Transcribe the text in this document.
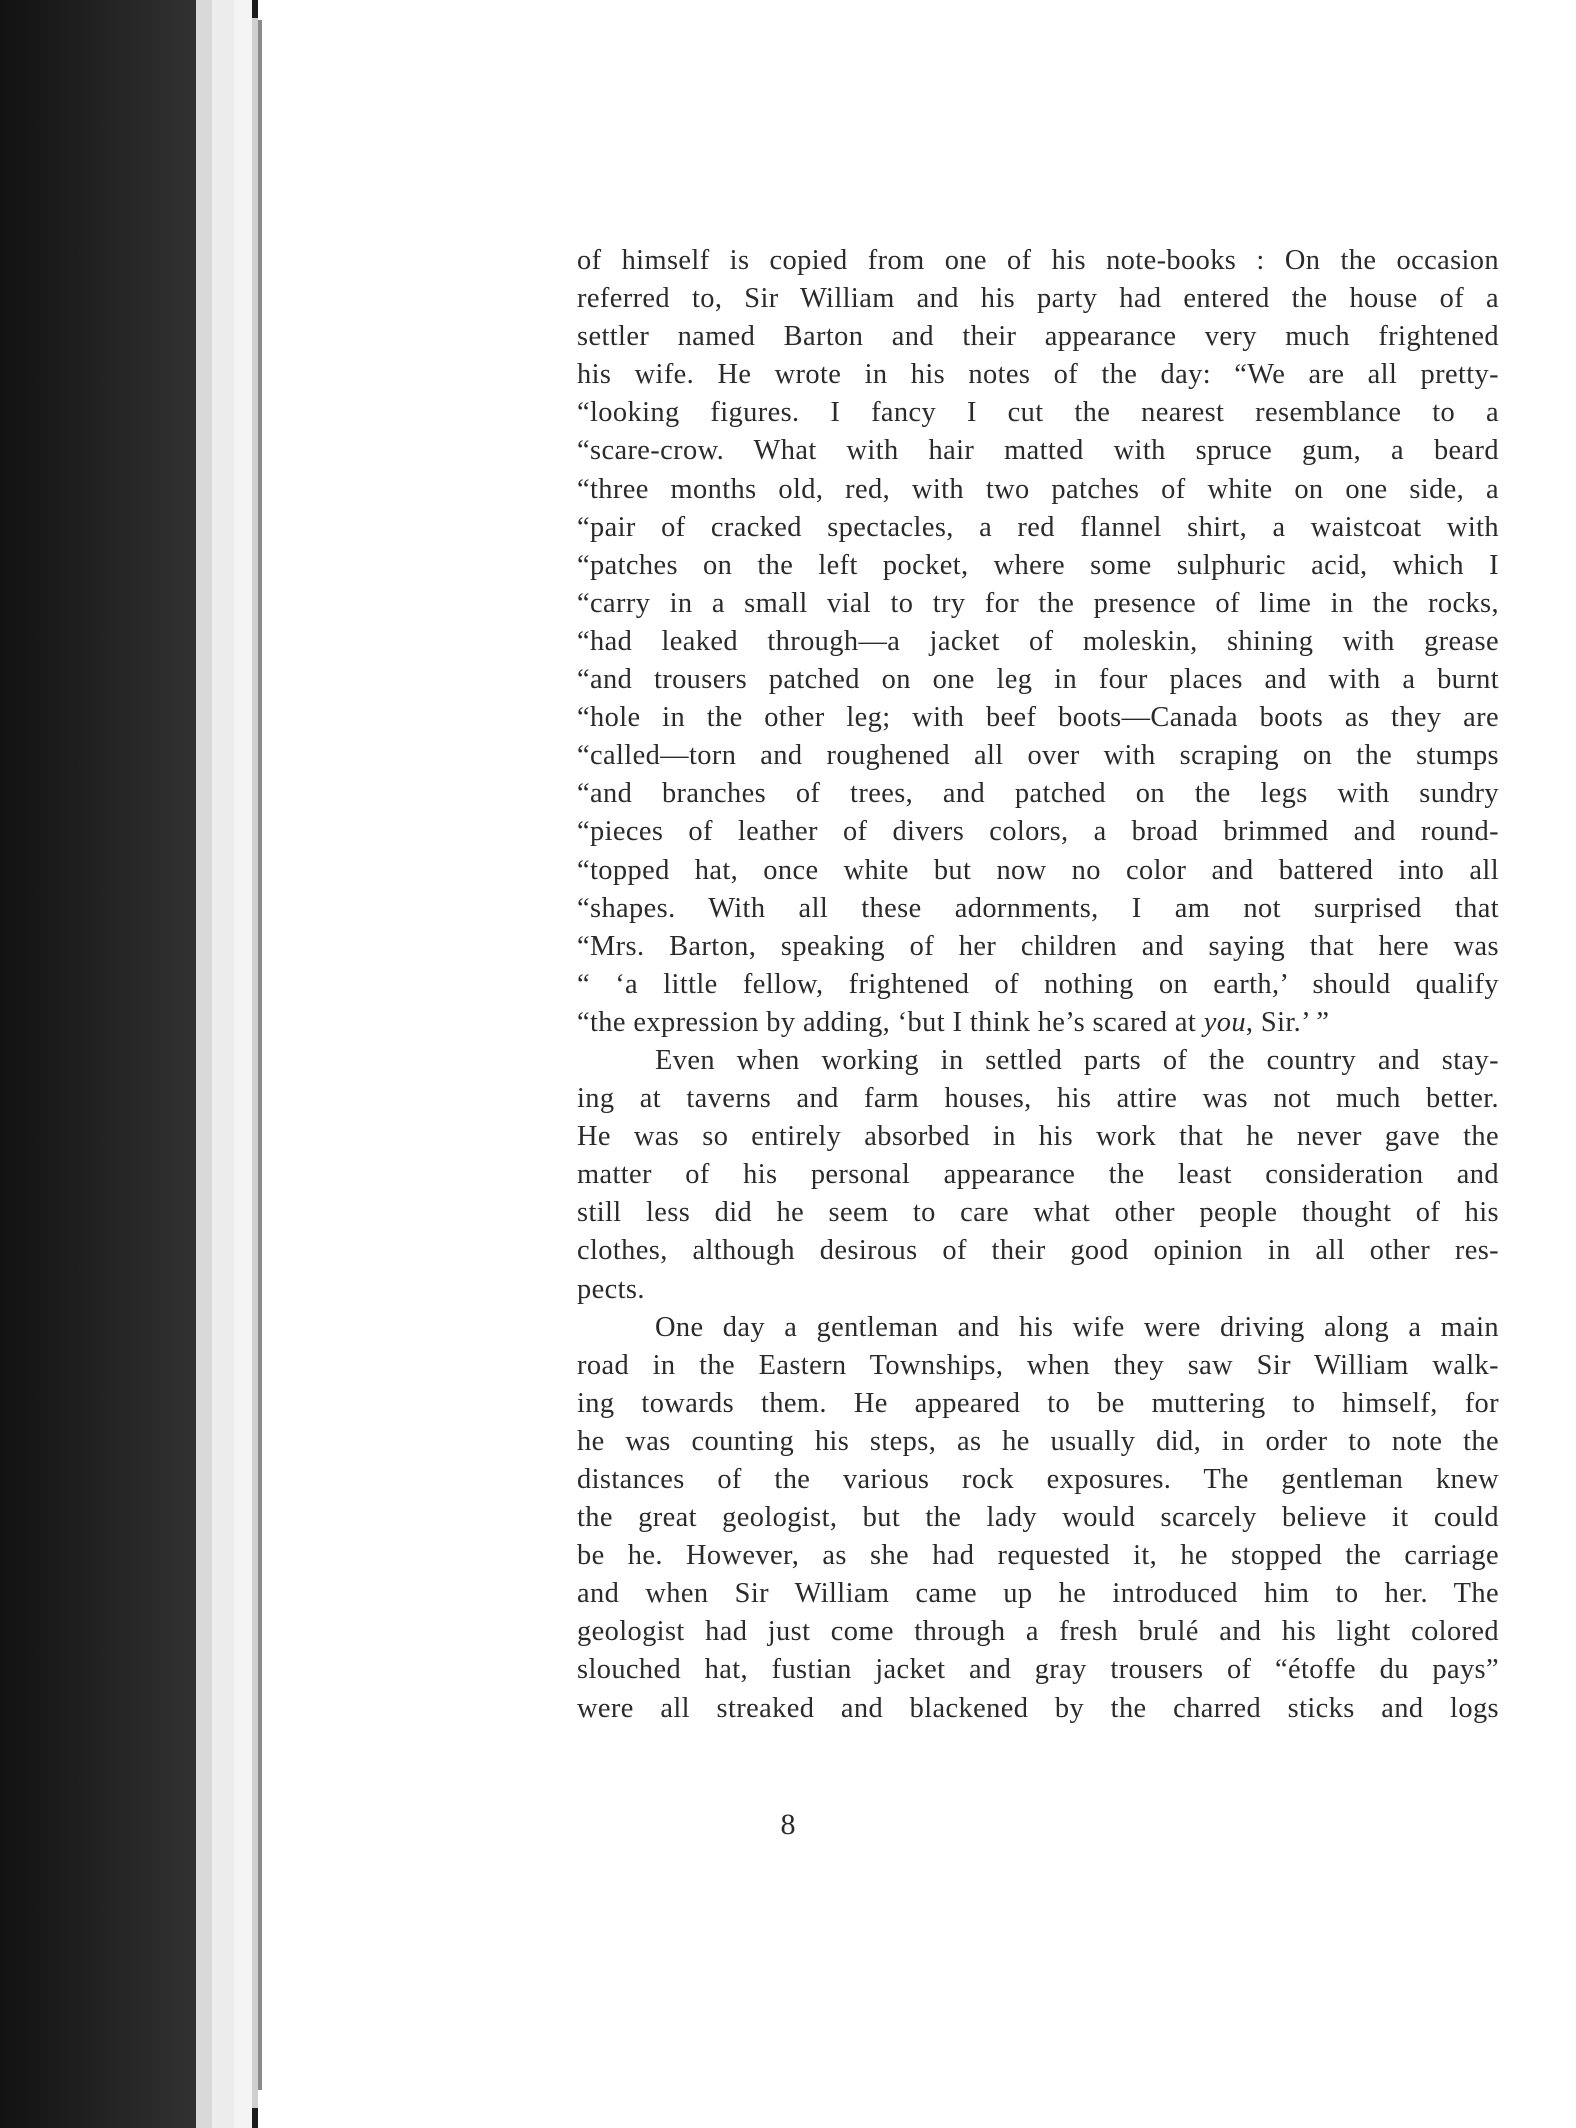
of himself is copied from one of his note-books : On the occasion

referred to, Sir William and his party had entered the house of a

settler named Barton and their appearance very much frightened

his wife. He wrote in his notes of the day: “We are all pretty-

“looking figures. I fancy I cut the nearest resemblance to a

“scare-crow. What with hair matted with spruce gum, a beard

“three months old, red, with two patches of white on one side, a

“pair of cracked spectacles, a red flannel shirt, a waistcoat with

“patches on the left pocket, where some sulphuric acid, which I

“carry in a small vial to try for the presence of lime in the rocks,

“had leaked through—a jacket of moleskin, shining with grease

“and trousers patched on one leg in four places and with a burnt

“hole in the other leg; with beef boots—Canada boots as they are

“called—torn and roughened all over with scraping on the stumps

“and branches of trees, and patched on the legs with sundry

“pieces of leather of divers colors, a broad brimmed and round-

“topped hat, once white but now no color and battered into all

“shapes. With all these adornments, I am not surprised that

“Mrs. Barton, speaking of her children and saying that here was

“ ‘a little fellow, frightened of nothing on earth,’ should qualify

“the expression by adding, ‘but I think he’s scared at you, Sir.’ ”

Even when working in settled parts of the country and stay-

ing at taverns and farm houses, his attire was not much better.

He was so entirely absorbed in his work that he never gave the

matter of his personal appearance the least consideration and

still less did he seem to care what other people thought of his

clothes, although desirous of their good opinion in all other res-

pects.

One day a gentleman and his wife were driving along a main

road in the Eastern Townships, when they saw Sir William walk-

ing towards them. He appeared to be muttering to himself, for

he was counting his steps, as he usually did, in order to note the

distances of the various rock exposures. The gentleman knew

the great geologist, but the lady would scarcely believe it could

be he. However, as she had requested it, he stopped the carriage

and when Sir William came up he introduced him to her. The

geologist had just come through a fresh brulé and his light colored

slouched hat, fustian jacket and gray trousers of “étoffe du pays”

were all streaked and blackened by the charred sticks and logs

8
